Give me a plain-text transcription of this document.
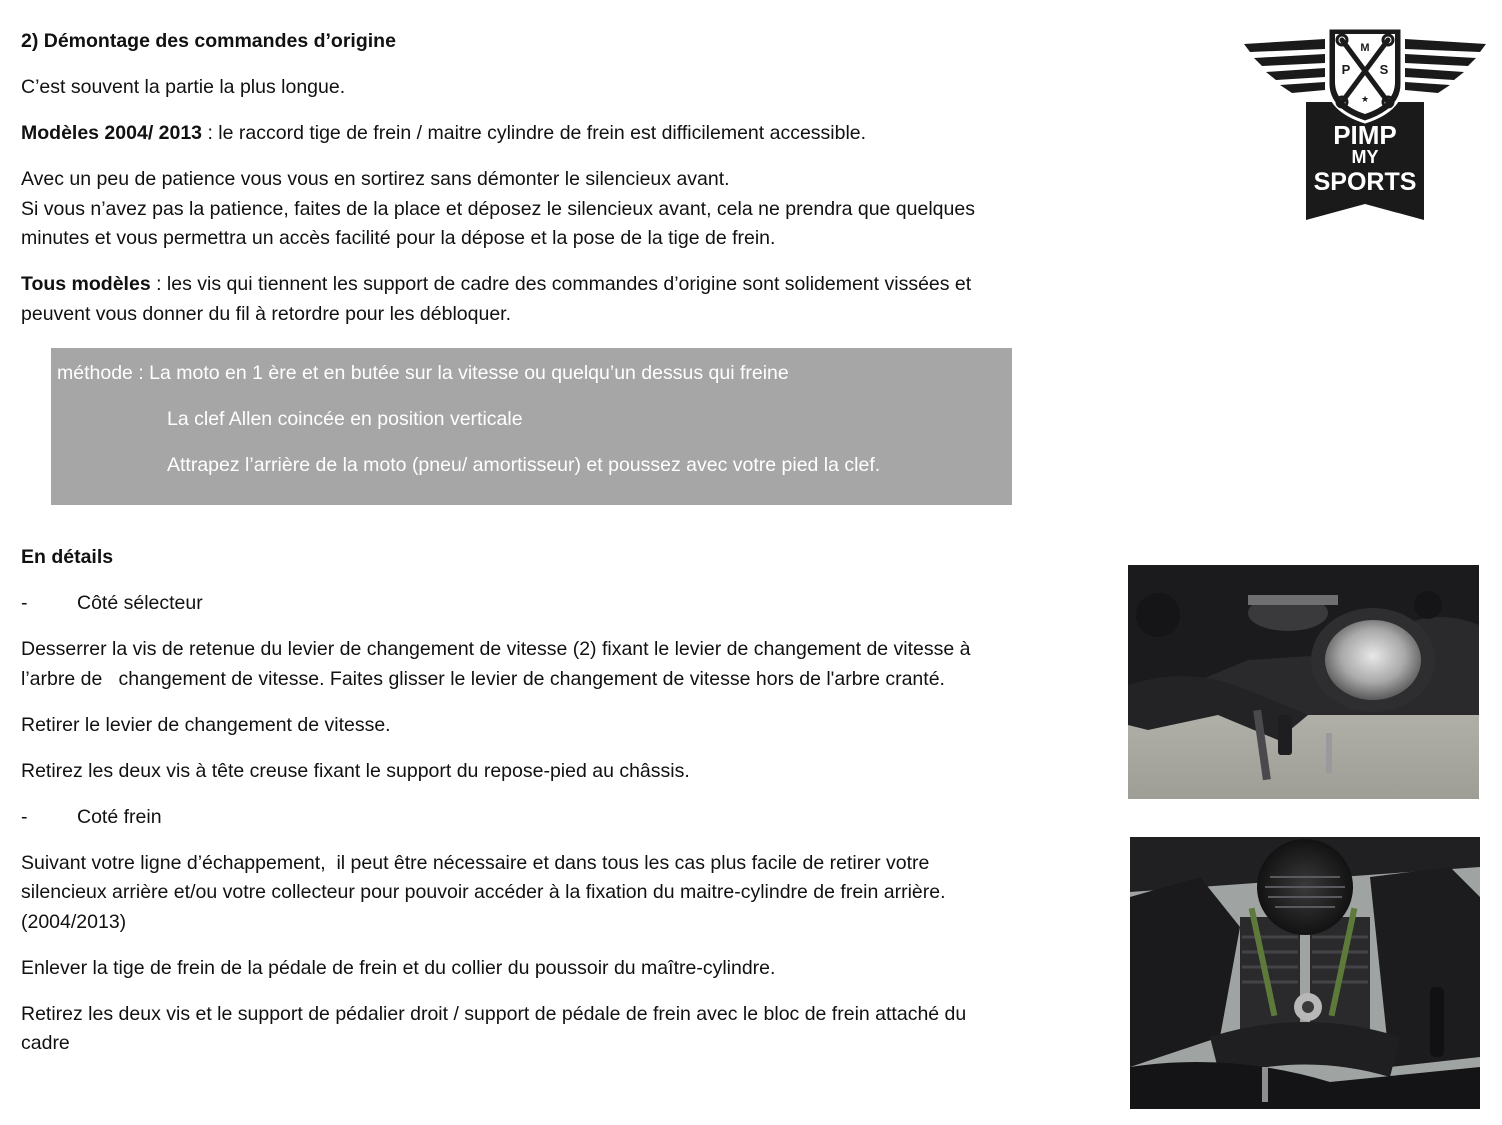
2) Démontage des commandes d’origine
C’est souvent la partie la plus longue.
Modèles 2004/ 2013 : le raccord tige de frein / maitre cylindre de frein est difficilement accessible.
Avec un peu de patience vous vous en sortirez sans démonter le silencieux avant.
Si vous n’avez pas la patience, faites de la place et déposez le silencieux avant, cela ne prendra que quelques
minutes et vous permettra un accès facilité pour la dépose et la pose de la tige de frein.
Tous modèles : les vis qui tiennent les support de cadre des commandes d’origine sont solidement vissées et
peuvent vous donner du fil à retordre pour les débloquer.
méthode : La moto en 1 ère et en butée sur la vitesse ou quelqu’un dessus qui freine
La clef Allen coincée en position verticale
Attrapez l’arrière de la moto (pneu/ amortisseur) et poussez avec votre pied la clef.
En détails
-	Côté sélecteur
Desserrer la vis de retenue du levier de changement de vitesse (2) fixant le levier de changement de vitesse à
l’arbre de   changement de vitesse. Faites glisser le levier de changement de vitesse hors de l'arbre cranté.
Retirer le levier de changement de vitesse.
Retirez les deux vis à tête creuse fixant le support du repose-pied au châssis.
-	Coté frein
Suivant votre ligne d’échappement,  il peut être nécessaire et dans tous les cas plus facile de retirer votre
silencieux arrière et/ou votre collecteur pour pouvoir accéder à la fixation du maitre-cylindre de frein arrière.
(2004/2013)
Enlever la tige de frein de la pédale de frein et du collier du poussoir du maître-cylindre.
Retirez les deux vis et le support de pédalier droit / support de pédale de frein avec le bloc de frein attaché du
cadre
M
P S
★
PIMP
MY
SPORTS
